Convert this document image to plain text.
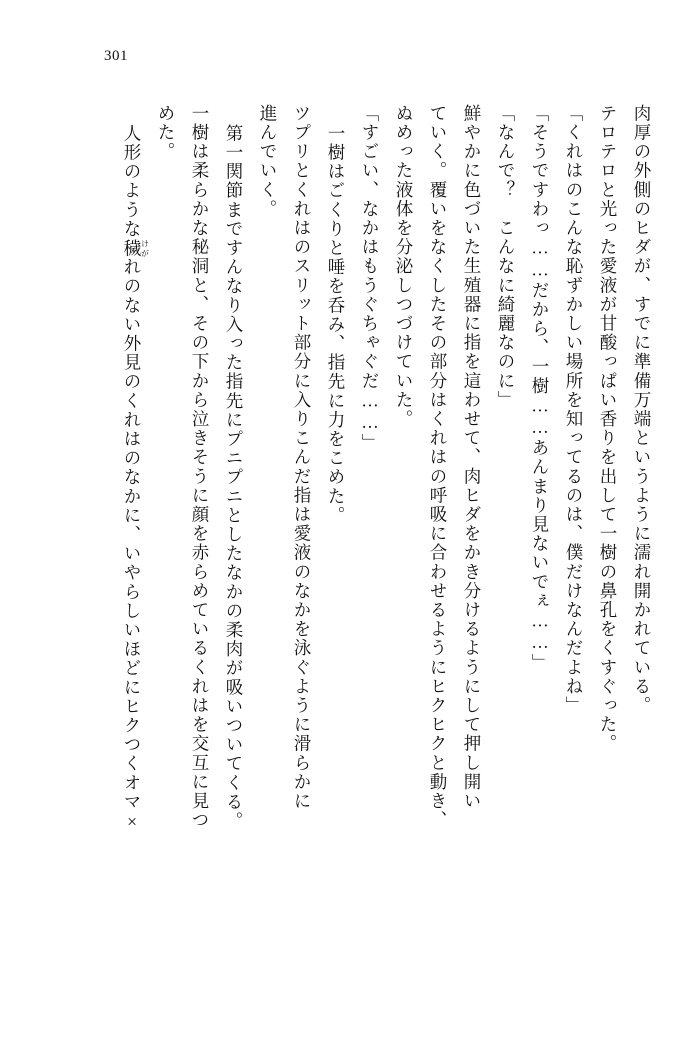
301
肉厚の外側のヒダが、すでに準備万端というように濡れ開かれている。
テロテロと光った愛液が甘酸っぱい香りを出して一樹の鼻孔をくすぐった。
「くれはのこんな恥ずかしい場所を知ってるのは、僕だけなんだよね」
「そうですわっ……だから、一樹……あんまり見ないでぇ……」
「なんで？　こんなに綺麗なのに」
鮮やかに色づいた生殖器に指を這わせて、肉ヒダをかき分けるようにして押し開い
ていく。覆いをなくしたその部分はくれはの呼吸に合わせるようにヒクヒクと動き、
ぬめった液体を分泌しつづけていた。
「すごい、なかはもうぐちゃぐだ……」
一樹はごくりと唾を呑み、指先に力をこめた。
ツプリとくれはのスリット部分に入りこんだ指は愛液のなかを泳ぐように滑らかに
進んでいく。
第一関節まですんなり入った指先にプニプニとしたなかの柔肉が吸いついてくる。
一樹は柔らかな秘洞と、その下から泣きそうに顔を赤らめているくれはを交互に見つ
めた。
人形のような穢けがれのない外見のくれはのなかに、いやらしいほどにヒクつくオマ×
